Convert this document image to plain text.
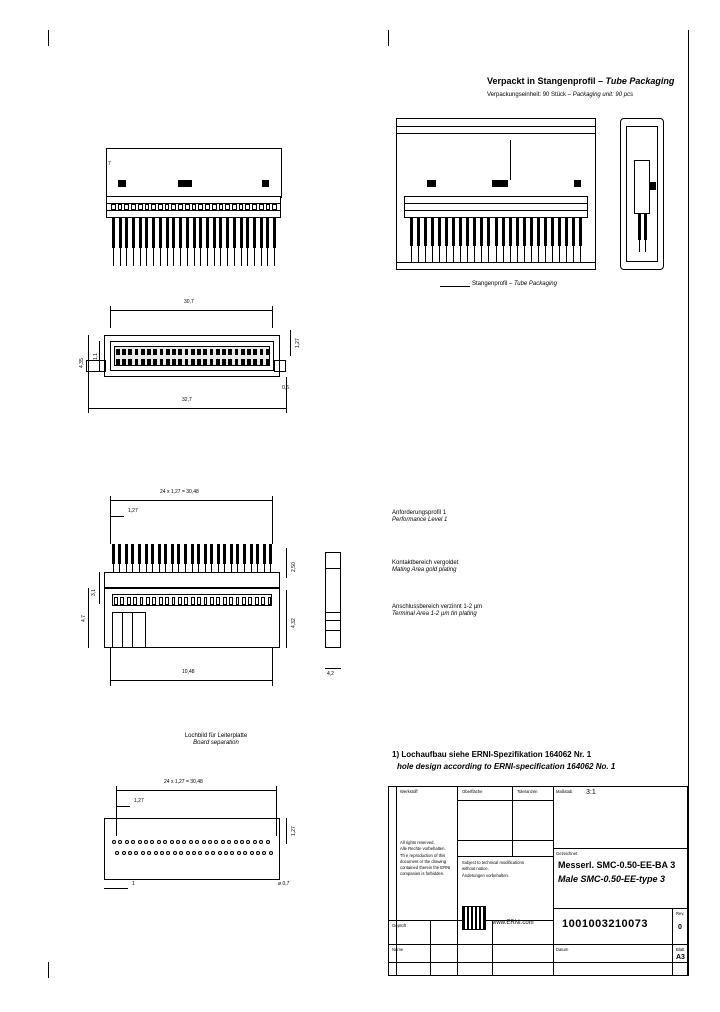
7
Verpackt in Stangenprofil – Tube Packaging
Verpackungseinheit: 90 Stück – Packaging unit: 90 pcs
Stangenprofil – Tube Packaging
30,7
4,35
1,1
1,27
32,7
0,6
24 x 1,27 = 30,48
1,27
2,50
4,32
3,1
4,7
10,48	4,2
Anforderungsprofil 1
Performance Level 1
Kontaktbereich vergoldet
Mating Area gold plating
Anschlussbereich verzinnt 1-2 µm
Terminal Area 1-2 µm tin plating
Lochbild für Leiterplatte
Board separation
24 x 1,27 = 30,48
1,27
1,27
1	ø 0,7
1) Lochaufbau siehe ERNI-Spezifikation 164062 Nr. 1
hole design according to ERNI-specification 164062 No. 1
Toleranzen
Oberfläche	Maßstab 3:1
Werkstoff
Gezeichnet
Datum
Name
Geprüft
Rev.
0
Blatt
A3
Messerl. SMC-0.50-EE-BA 3
Male SMC-0.50-EE-type 3
1001003210073
All rights reserved.
Alle Rechte vorbehalten.
Th e reproduction of this
document or the drawing
contained therein the ERNI
companies is forbidden.
Subject to technical modifications
without notice.
Änderungen vorbehalten.
www.ERNI.com
